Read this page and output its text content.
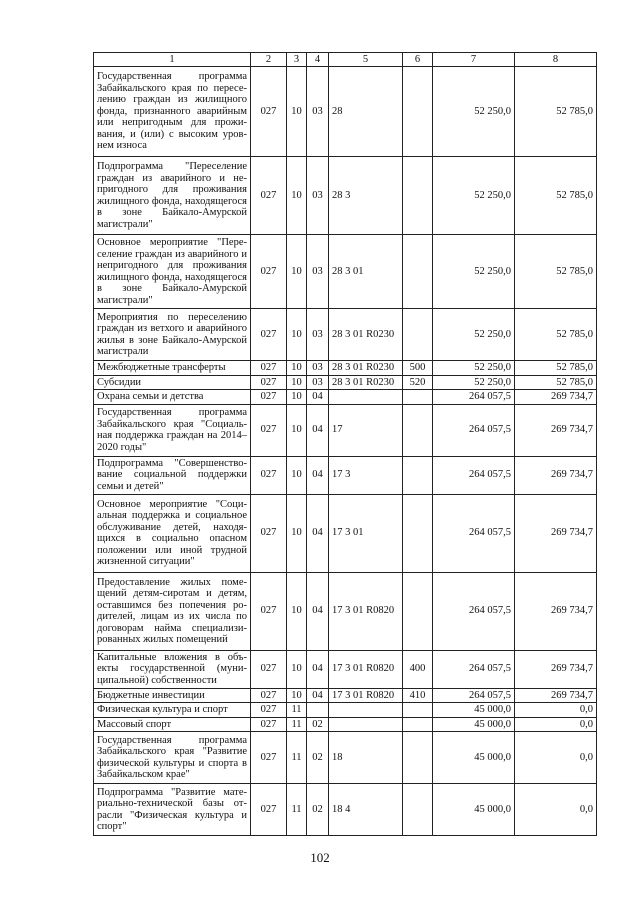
1	2	3	4	5	6	7	8
Государственная программа Забайкальского края по переселению граждан из жилищного фонда, признанного аварийным или непригодным для проживания, и (или) с высоким уровнем износа	027	10	03	28		52 250,0	52 785,0
Подпрограмма "Переселение граждан из аварийного и непригодного для проживания жилищного фонда, находящегося в зоне Байкало-Амурской магистрали"	027	10	03	28 3		52 250,0	52 785,0
Основное мероприятие "Переселение граждан из аварийного и непригодного для проживания жилищного фонда, находящегося в зоне Байкало-Амурской магистрали"	027	10	03	28 3 01		52 250,0	52 785,0
Мероприятия по переселению граждан из ветхого и аварийного жилья в зоне Байкало-Амурской магистрали	027	10	03	28 3 01 R0230		52 250,0	52 785,0
Межбюджетные трансферты	027	10	03	28 3 01 R0230	500	52 250,0	52 785,0
Субсидии	027	10	03	28 3 01 R0230	520	52 250,0	52 785,0
Охрана семьи и детства	027	10	04			264 057,5	269 734,7
Государственная программа Забайкальского края "Социальная поддержка граждан на 2014–2020 годы"	027	10	04	17		264 057,5	269 734,7
Подпрограмма "Совершенствование социальной поддержки семьи и детей"	027	10	04	17 3		264 057,5	269 734,7
Основное мероприятие "Социальная поддержка и социальное обслуживание детей, находящихся в социально опасном положении или иной трудной жизненной ситуации"	027	10	04	17 3 01		264 057,5	269 734,7
Предоставление жилых помещений детям-сиротам и детям, оставшимся без попечения родителей, лицам из их числа по договорам найма специализированных жилых помещений	027	10	04	17 3 01 R0820		264 057,5	269 734,7
Капитальные вложения в объекты государственной (муниципальной) собственности	027	10	04	17 3 01 R0820	400	264 057,5	269 734,7
Бюджетные инвестиции	027	10	04	17 3 01 R0820	410	264 057,5	269 734,7
Физическая культура и спорт	027	11				45 000,0	0,0
Массовый спорт	027	11	02			45 000,0	0,0
Государственная программа Забайкальского края "Развитие физической культуры и спорта в Забайкальском крае"	027	11	02	18		45 000,0	0,0
Подпрограмма "Развитие материально-технической базы отрасли "Физическая культура и спорт"	027	11	02	18 4		45 000,0	0,0
102
